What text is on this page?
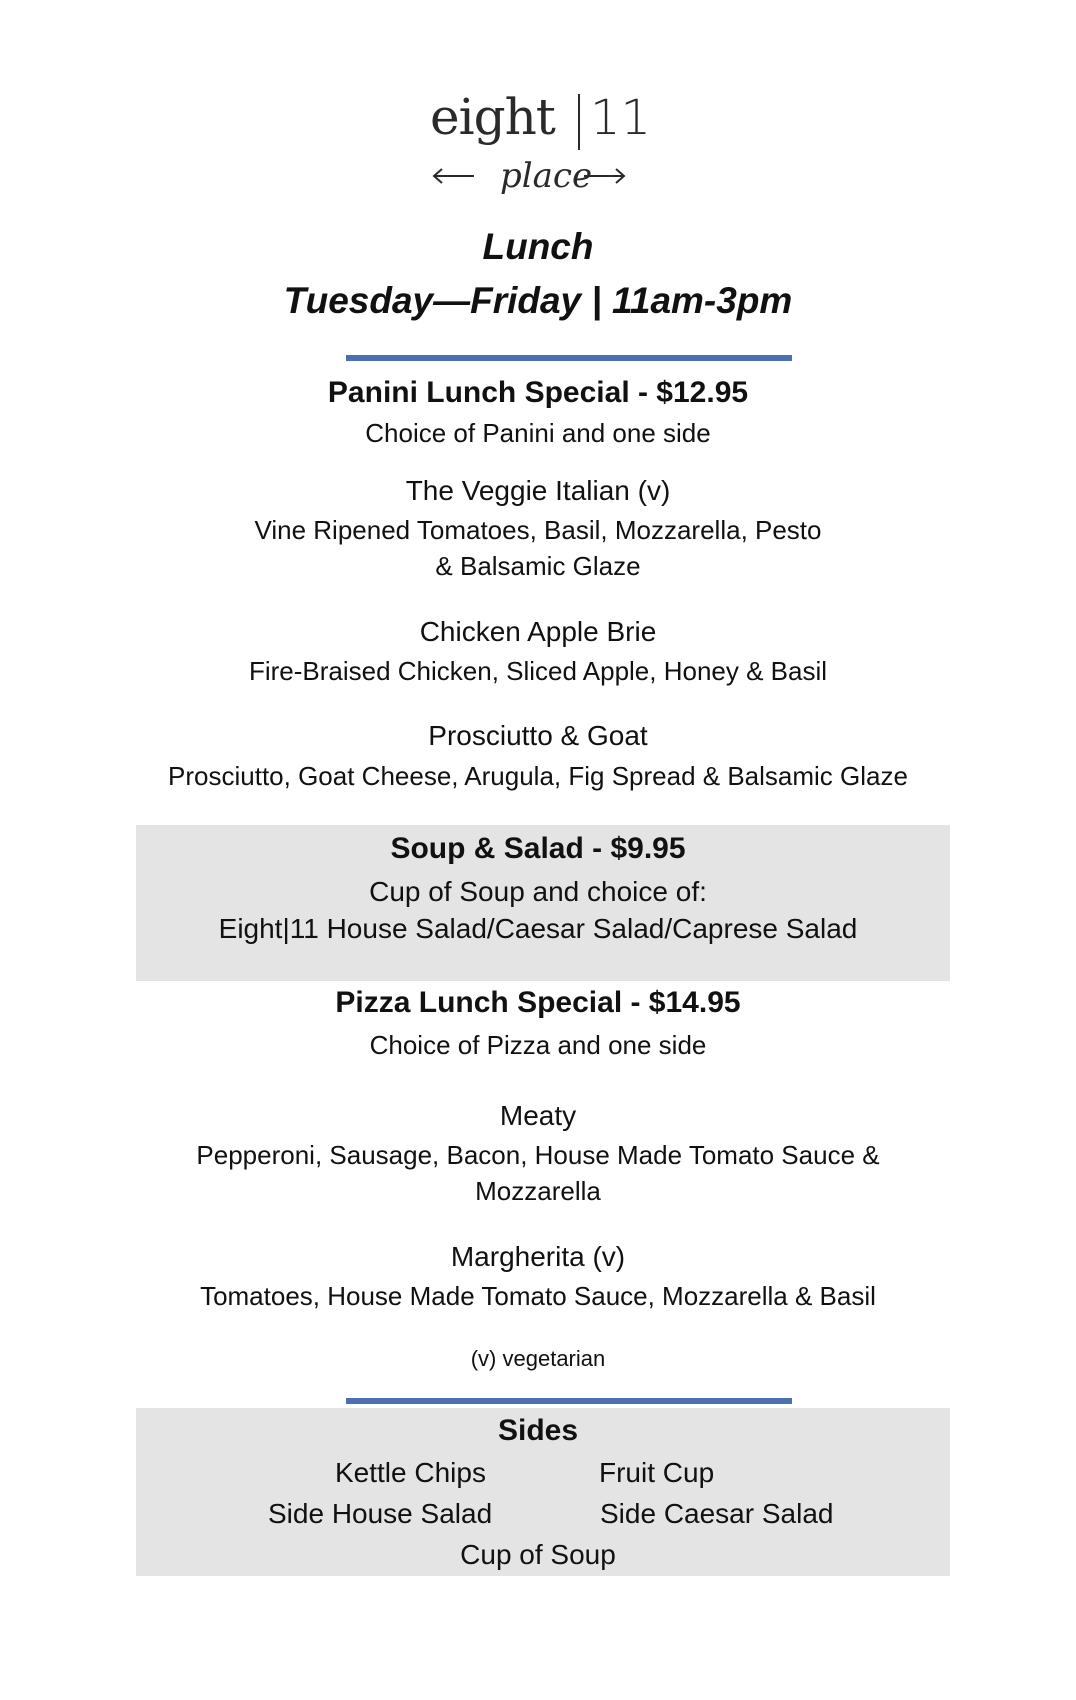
eight 11
place
Lunch
Tuesday—Friday | 11am-3pm
Panini Lunch Special - $12.95
Choice of Panini and one side
The Veggie Italian (v)
Vine Ripened Tomatoes, Basil, Mozzarella, Pesto
& Balsamic Glaze
Chicken Apple Brie
Fire-Braised Chicken, Sliced Apple, Honey & Basil
Prosciutto & Goat
Prosciutto, Goat Cheese, Arugula, Fig Spread & Balsamic Glaze
Soup & Salad - $9.95
Cup of Soup and choice of:
Eight|11 House Salad/Caesar Salad/Caprese Salad
Pizza Lunch Special - $14.95
Choice of Pizza and one side
Meaty
Pepperoni, Sausage, Bacon, House Made Tomato Sauce &
Mozzarella
Margherita (v)
Tomatoes, House Made Tomato Sauce, Mozzarella & Basil
(v) vegetarian
Sides
Kettle Chips	Fruit Cup
Side House Salad	Side Caesar Salad
Cup of Soup
